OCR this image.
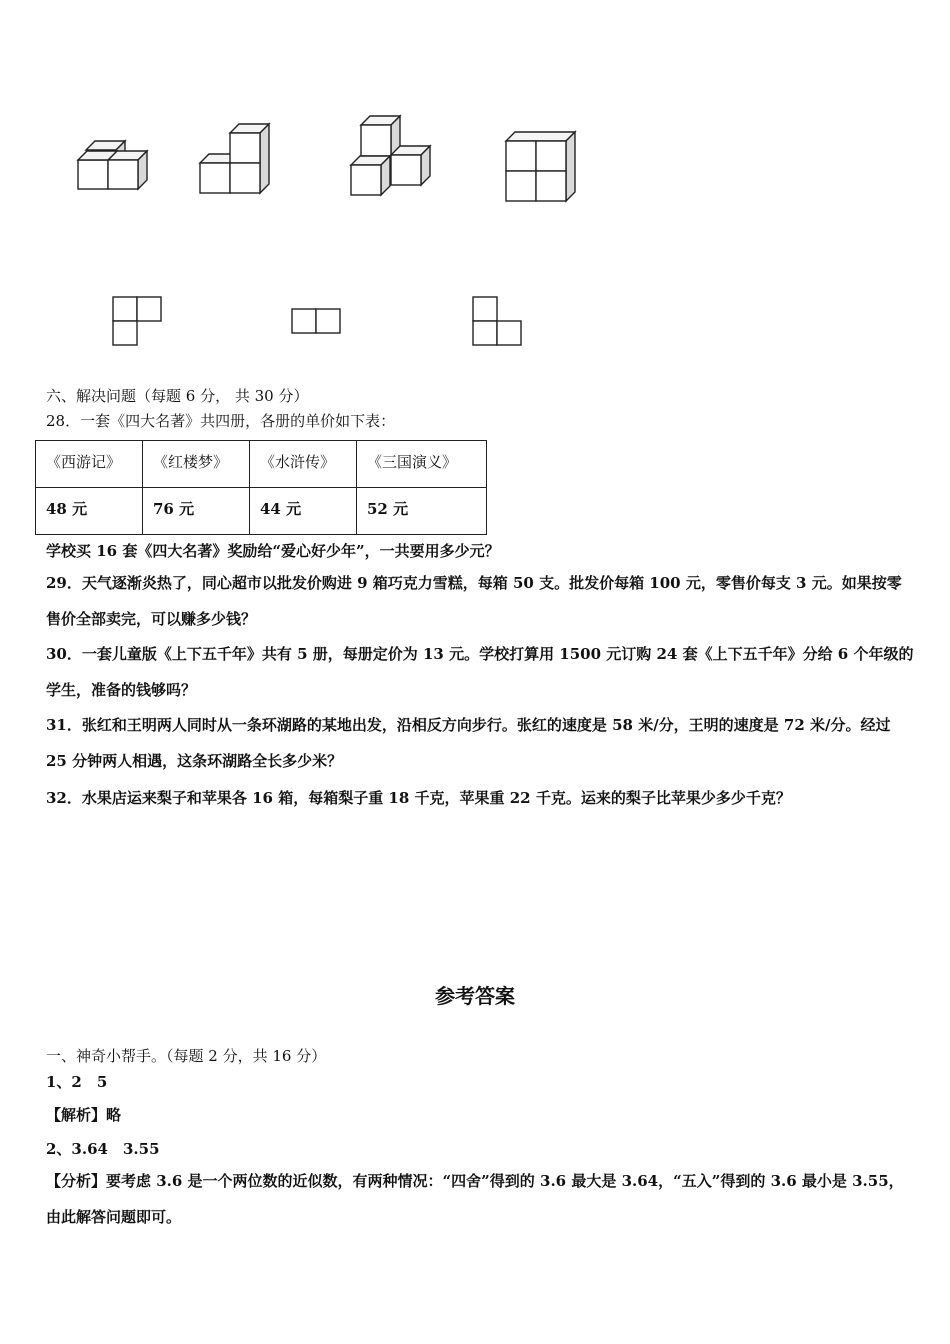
六、解决问题（每题 6 分， 共 30 分）
28．一套《四大名著》共四册，各册的单价如下表：
《西游记》	《红楼梦》	《水浒传》	《三国演义》
48 元	76 元	44 元	52 元
学校买 16 套《四大名著》奖励给“爱心好少年”，一共要用多少元？
29．天气逐渐炎热了，同心超市以批发价购进 9 箱巧克力雪糕，每箱 50 支。批发价每箱 100 元，零售价每支 3 元。如果按零售价全部卖完，可以赚多少钱？
30．一套儿童版《上下五千年》共有 5 册，每册定价为 13 元。学校打算用 1500 元订购 24 套《上下五千年》分给 6 个年级的学生，准备的钱够吗？
31．张红和王明两人同时从一条环湖路的某地出发，沿相反方向步行。张红的速度是 58 米/分，王明的速度是 72 米/分。经过 25 分钟两人相遇，这条环湖路全长多少米？
32．水果店运来梨子和苹果各 16 箱，每箱梨子重 18 千克，苹果重 22 千克。运来的梨子比苹果少多少千克？
参考答案
一、神奇小帮手。（每题 2 分，共 16 分）
1、2　5
【解析】略
2、3.64　3.55
【分析】要考虑 3.6 是一个两位数的近似数，有两种情况：“四舍”得到的 3.6 最大是 3.64，“五入”得到的 3.6 最小是 3.55，由此解答问题即可。
